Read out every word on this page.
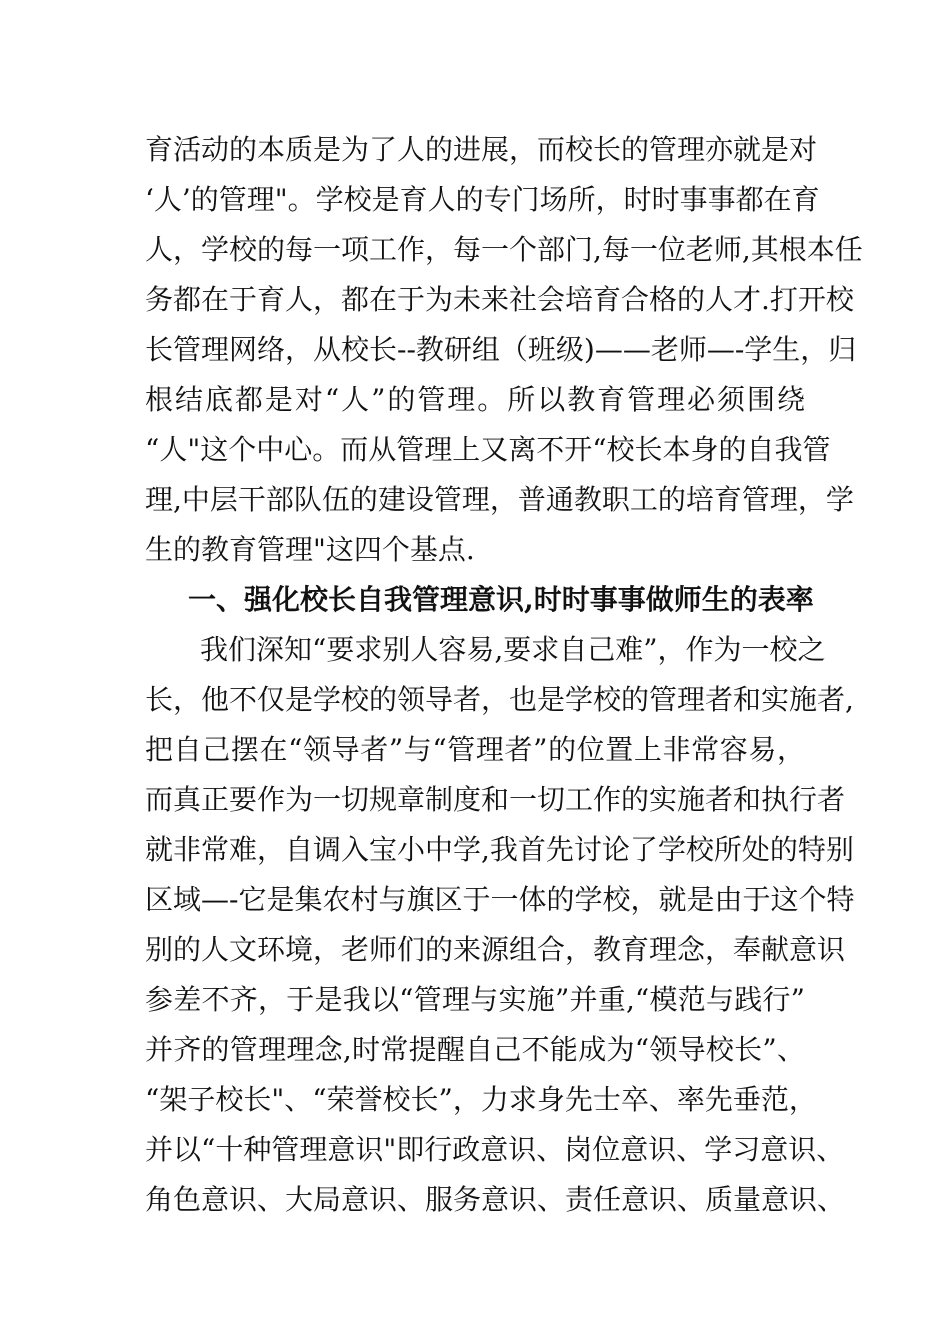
育活动的本质是为了人的进展，而校长的管理亦就是对
‘人’的管理"。学校是育人的专门场所，时时事事都在育
人，学校的每一项工作，每一个部门,每一位老师,其根本任
务都在于育人，都在于为未来社会培育合格的人才.打开校
长管理网络，从校长--教研组（班级)——老师—-学生，归
根结底都是对“人”的管理。所以教育管理必须围绕
“人"这个中心。而从管理上又离不开“校长本身的自我管
理,中层干部队伍的建设管理，普通教职工的培育管理，学
生的教育管理"这四个基点.
一、强化校长自我管理意识,时时事事做师生的表率
我们深知“要求别人容易,要求自己难”，作为一校之
长，他不仅是学校的领导者，也是学校的管理者和实施者,
把自己摆在“领导者”与“管理者”的位置上非常容易，
而真正要作为一切规章制度和一切工作的实施者和执行者
就非常难，自调入宝小中学,我首先讨论了学校所处的特别
区域—-它是集农村与旗区于一体的学校，就是由于这个特
别的人文环境，老师们的来源组合，教育理念，奉献意识
参差不齐，于是我以“管理与实施”并重,“模范与践行”
并齐的管理理念,时常提醒自己不能成为“领导校长”、
“架子校长"、“荣誉校长”，力求身先士卒、率先垂范，
并以“十种管理意识"即行政意识、岗位意识、学习意识、
角色意识、大局意识、服务意识、责任意识、质量意识、
